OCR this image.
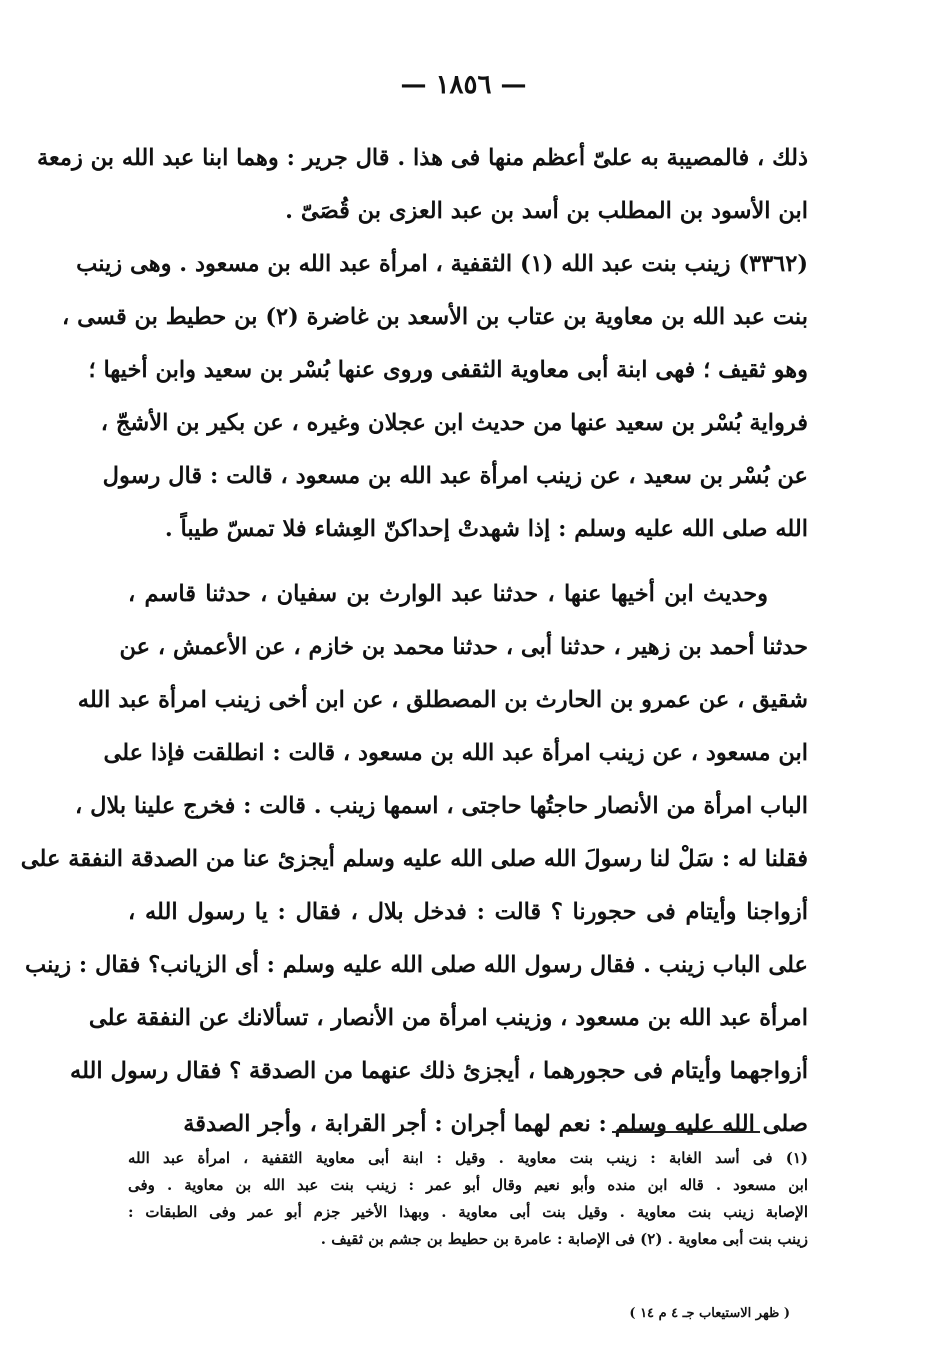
— ١٨٥٦ —
ذلك ، فالمصيبة به علىّ أعظم منها فى هذا . قال جرير : وهما ابنا عبد الله بن زمعة
ابن الأسود بن المطلب بن أسد بن عبد العزى بن قُصَىّ .
(٣٣٦٢) زينب بنت عبد الله (١) الثقفية ، امرأة عبد الله بن مسعود . وهى زينب
بنت عبد الله بن معاوية بن عتاب بن الأسعد بن غاضرة (٢) بن حطيط بن قسى ،
وهو ثقيف ؛ فهى ابنة أبى معاوية الثقفى وروى عنها بُسْر بن سعيد وابن أخيها ؛
فرواية بُسْر بن سعيد عنها من حديث ابن عجلان وغيره ، عن بكير بن الأشجّ ،
عن بُسْر بن سعيد ، عن زينب امرأة عبد الله بن مسعود ، قالت : قال رسول
الله صلى الله عليه وسلم : إذا شهدتْ إحداكنّ العِشاء فلا تمسّ طيباً .
وحديث ابن أخيها عنها ، حدثنا عبد الوارث بن سفيان ، حدثنا قاسم ،
حدثنا أحمد بن زهير ، حدثنا أبى ، حدثنا محمد بن خازم ، عن الأعمش ، عن
شقيق ، عن عمرو بن الحارث بن المصطلق ، عن ابن أخى زينب امرأة عبد الله
ابن مسعود ، عن زينب امرأة عبد الله بن مسعود ، قالت : انطلقت فإذا على
الباب امرأة من الأنصار حاجتُها حاجتى ، اسمها زينب . قالت : فخرج علينا بلال ،
فقلنا له : سَلْ لنا رسولَ الله صلى الله عليه وسلم أيجزئ عنا من الصدقة النفقة على
أزواجنا وأيتام فى حجورنا ؟ قالت : فدخل بلال ، فقال : يا رسول الله ،
على الباب زينب . فقال رسول الله صلى الله عليه وسلم : أى الزيانب؟ فقال : زينب
امرأة عبد الله بن مسعود ، وزينب امرأة من الأنصار ، تسألانك عن النفقة على
أزواجهما وأيتام فى حجورهما ، أيجزئ ذلك عنهما من الصدقة ؟ فقال رسول الله
صلى الله عليه وسلم : نعم لهما أجران : أجر القرابة ، وأجر الصدقة
(١) فى أسد الغابة : زينب بنت معاوية . وقيل : ابنة أبى معاوية الثقفية ، امرأة عبد الله
ابن مسعود . قاله ابن منده وأبو نعيم وقال أبو عمر : زينب بنت عبد الله بن معاوية . وفى
الإصابة زينب بنت معاوية . وقيل بنت أبى معاوية . وبهذا الأخير جزم أبو عمر وفى الطبقات :
زينب بنت أبى معاوية . (٢) فى الإصابة : عامرة بن حطيط بن جشم بن ثقيف .
( ظهر الاستيعاب جـ ٤ م ١٤ )
